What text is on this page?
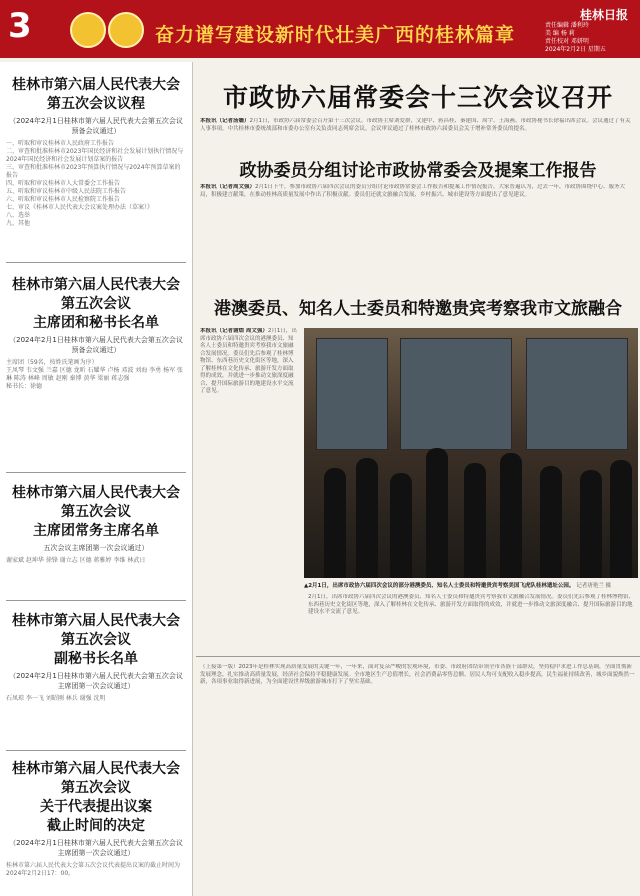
3	奋力谱写建设新时代壮美广西的桂林篇章
桂林日报
责任编辑 潘利玲
美 编 杨 莉
责任校对 邓妍明
2024年2月2日 星期五
桂林市第六届人民代表大会
第五次会议议程
（2024年2月1日桂林市第六届人民代表大会第五次会议预备会议通过）
一、听取和审议桂林市人民政府工作报告
二、审查和批准桂林市2023年国民经济和社会发展计划执行情况与2024年国民经济和社会发展计划草案的报告
三、审查和批准桂林市2023年预算执行情况与2024年预算草案的报告
四、听取和审议桂林市人大常委会工作报告
五、听取和审议桂林市中级人民法院工作报告
六、听取和审议桂林市人民检察院工作报告
七、审议《桂林市人民代表大会议案处理办法（草案）》
八、选举
九、其他
桂林市第六届人民代表大会
第五次会议
主席团和秘书长名单
（2024年2月1日桂林市第六届人民代表大会第五次会议预备会议通过）
主席团（59名，按姓氏笔画为序）
王凤琴 韦文强 兰嘉 区德 龙昕 石耀华 卢杨 邓波 刘海 李勇 杨军 张琳 陈涛 林峰 周敏 赵刚 秦博 黄华 梁丽 蒋志强
秘书长：徐德
桂林市第六届人民代表大会
第五次会议
主席团常务主席名单
五次会议主席团第一次会议通过）
谢家斌 赵坤华 徐锋 谢立志 区德 蒋雅婷 李维 林武日
桂林市第六届人民代表大会
第五次会议
副秘书长名单
（2024年2月1日桂林市第六届人民代表大会第五次会议主席团第一次会议通过）
石凤琼 李一飞 刘昭刚 林兵 谢强 沈明
桂林市第六届人民代表大会
第五次会议
关于代表提出议案
截止时间的决定
（2024年2月1日桂林市第六届人民代表大会第五次会议主席团第一次会议通过）
桂林市第六届人民代表大会第五次会议代表提出议案的截止时间为2024年2月2日17：00。
市政协六届常委会十三次会议召开
本报讯（记者汤嫱）2月1日，市政协六届常委会召开第十三次会议。市政协主席刘爱群，文建中、蒋昌桂、秦建国、周宇、王海燕、市政协秘书长徐福出席会议。会议通过了有关人事事项，中共桂林市委统战部和市委办公室有关负责同志列席会议。会议审议通过了桂林市政协六届委员会关于增补常务委员的提名。
政协委员分组讨论市政协常委会及提案工作报告
本报讯（记者周文强）2月1日下午，参加市政协六届四次会议的委员分组讨论市政协常委会工作报告和提案工作情况报告。大家普遍认为，过去一年，市政协围绕中心、服务大局，积极建言献策，在推动桂林高质量发展中作出了积极贡献。委员们还就文旅融合发展、乡村振兴、城市建设等方面提出了意见建议。
港澳委员、知名人士委员和特邀贵宾考察我市文旅融合
本报讯（记者谢熠 周文强）2月1日，出席市政协六届四次会议的港澳委员、知名人士委员和特邀贵宾考察我市文旅融合发展情况。委员们先后参观了桂林博物馆、东西巷历史文化街区等地，深入了解桂林在文化传承、旅游开发方面取得的成效，并就进一步推动文旅深度融合、提升国际旅游目的地建设水平交流了意见。
▲2月1日，出席市政协六届四次会议的部分港澳委员、知名人士委员和特邀贵宾考察美国飞虎队桂林遗址公园。 记者唐艳兰 摄
2月1日，出席市政协六届四次会议的港澳委员、知名人士委员和特邀贵宾考察我市文旅融合发展情况。委员们先后参观了桂林博物馆、东西巷历史文化街区等地，深入了解桂林在文化传承、旅游开发方面取得的成效，并就进一步推动文旅深度融合、提升国际旅游目的地建设水平交流了意见。
（上接第一版）2023年是桂林实现高质量发展的关键一年，一年来，面对复杂严峻的宏观环境，市委、市政府团结带领全市各族干部群众，坚持稳中求进工作总基调，全面贯彻新发展理念，扎实推动高质量发展，经济社会保持平稳健康发展。全市地区生产总值增长，社会消费品零售总额、居民人均可支配收入稳步提高，民生福祉持续改善，城乡面貌焕然一新，各项事业取得新进展，为全面建设世界级旅游城市打下了坚实基础。
